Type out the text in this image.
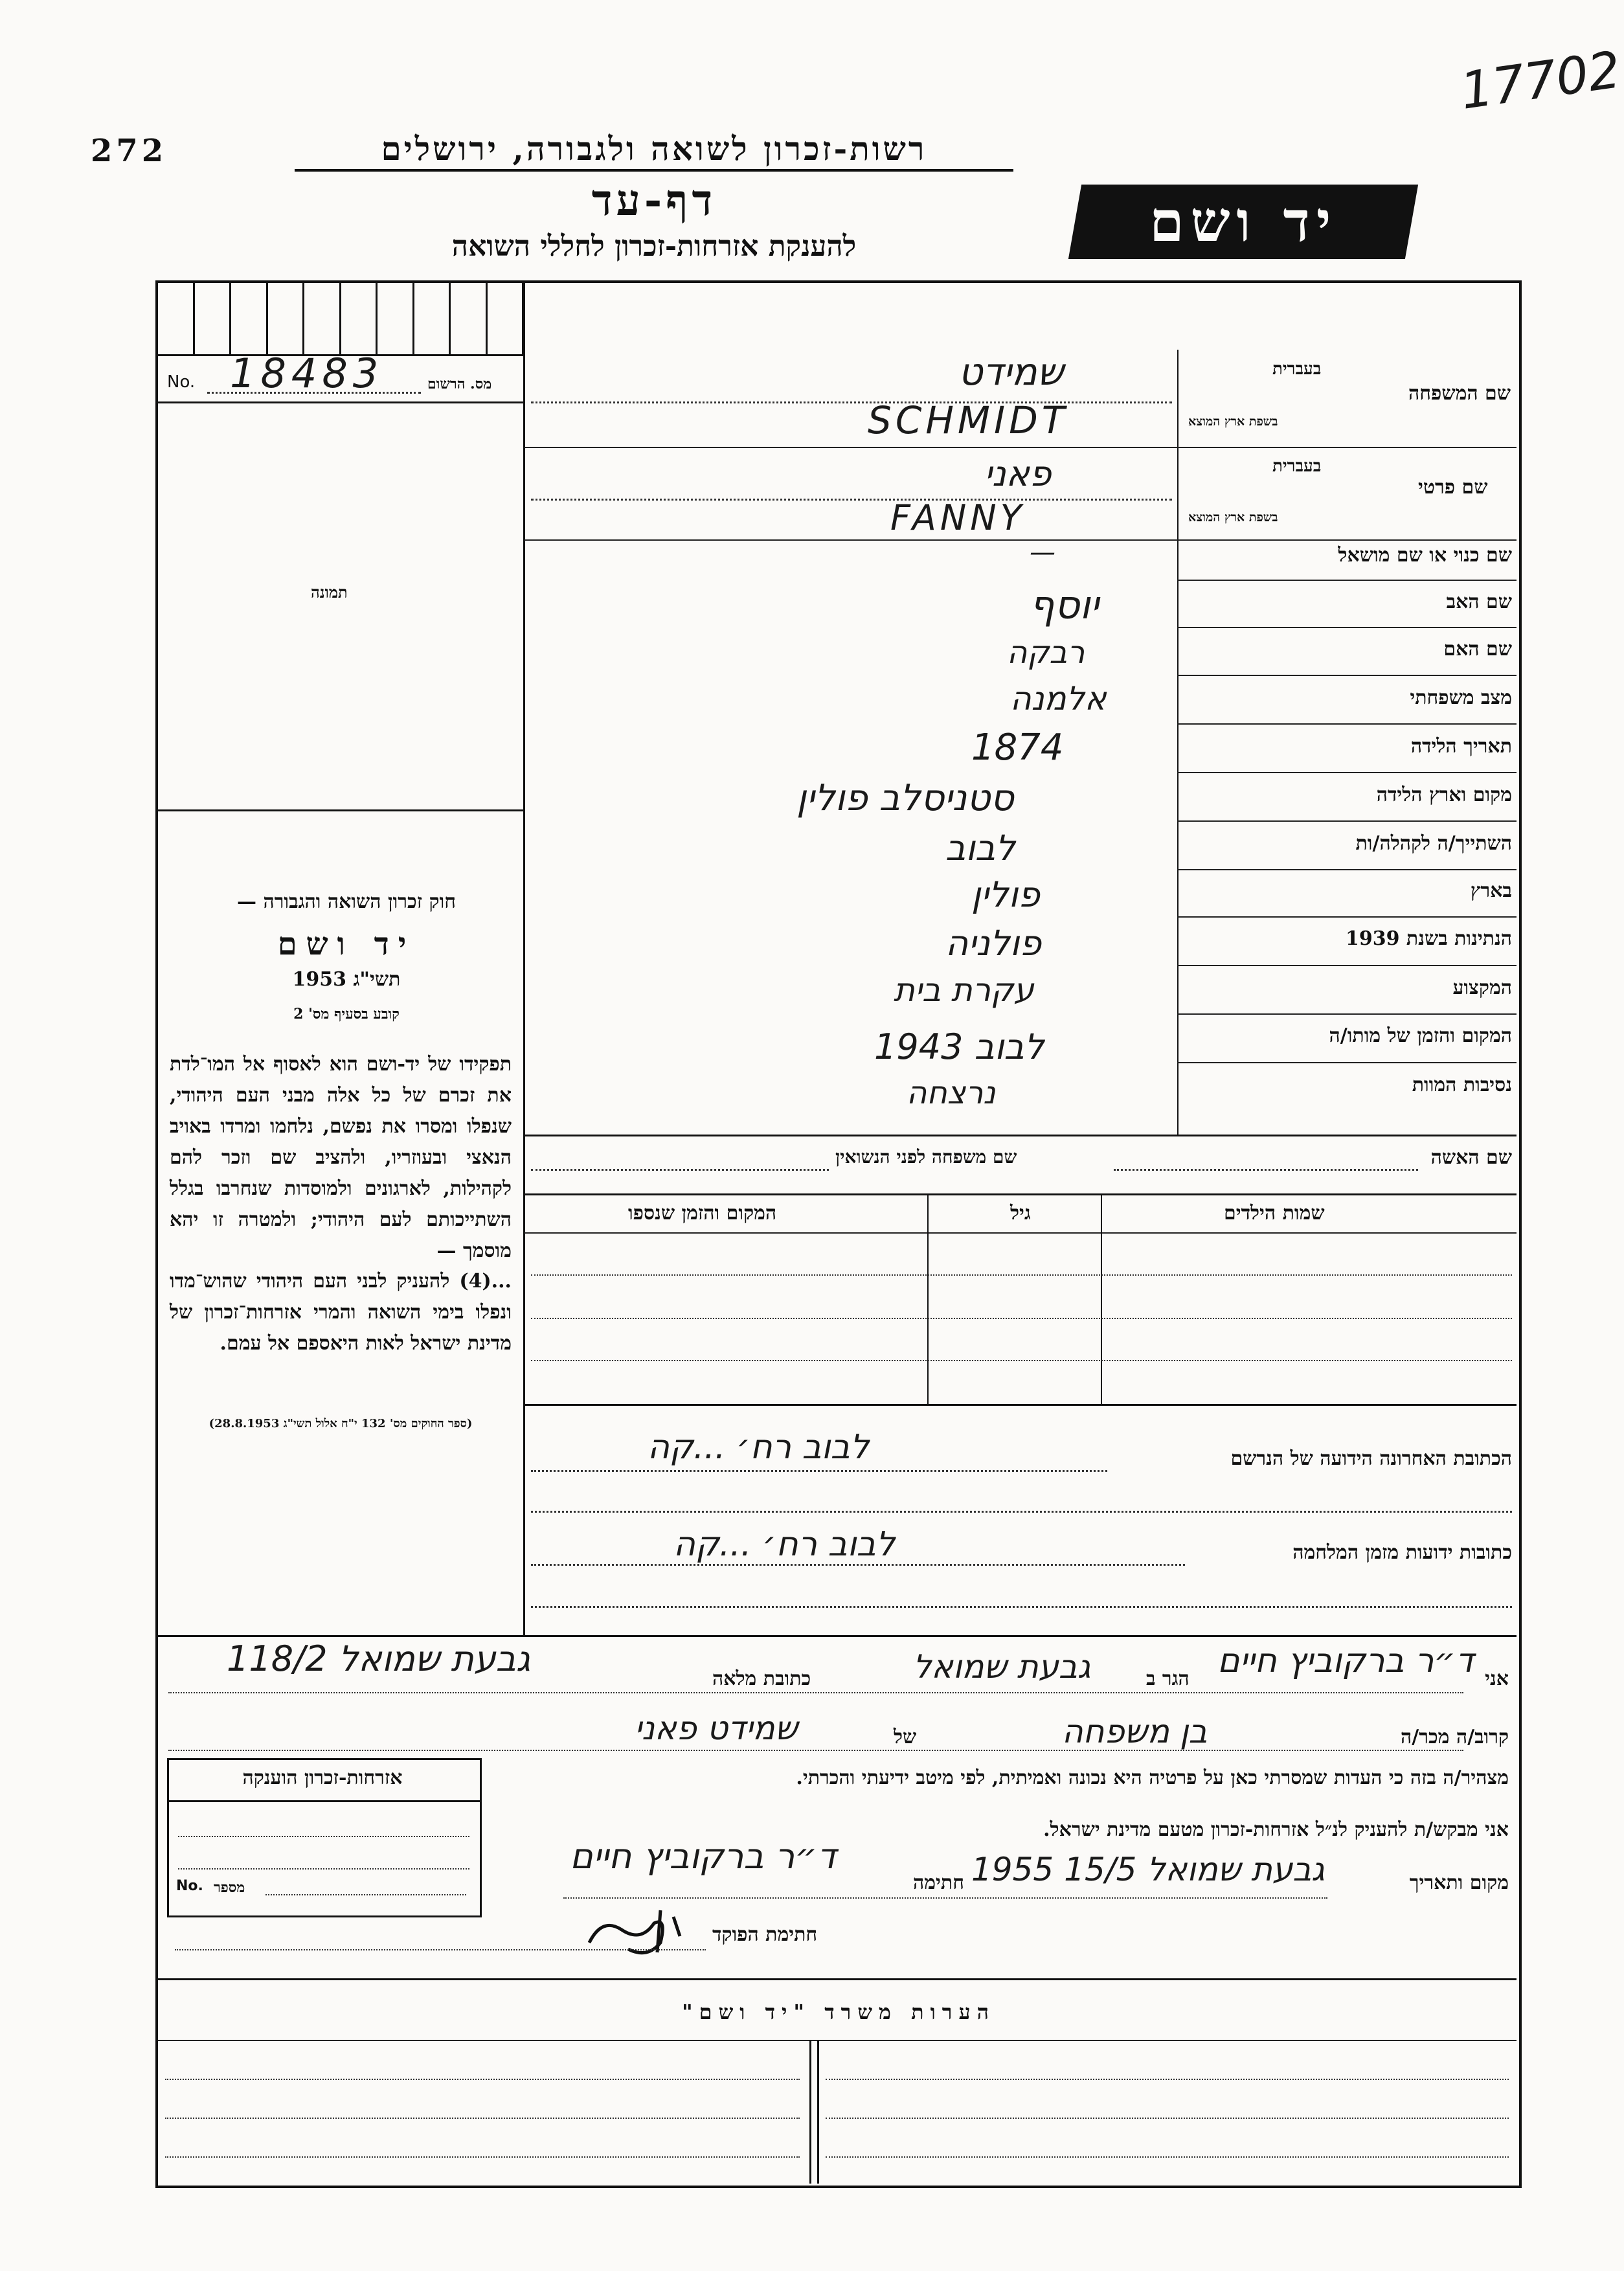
17702
272	רשות-זכרון לשואה ולגבורה, ירושלים
דף-עד
להענקת אזרחות-זכרון לחללי השואה	יד ושם
No. 18483	מס. הרשום
תמונה
חוק זכרון השואה והגבורה —
יד ושם
תשי"ג 1953
קובע בסעיף מס' 2
תפקידו של יד-ושם הוא לאסוף אל המו־לדת את זכרם של כל אלה מבני העם היהודי, שנפלו ומסרו את נפשם, נלחמו ומרדו באויב הנאצי ובעוזריו, ולהציב שם וזכר להם לקהילות, לארגונים ולמוסדות שנחרבו בגלל השתייכותם לעם היהודי; ולמטרה זו יהא מוסמך —
...(4) להעניק לבני העם היהודי שהוש־מדו ונפלו בימי השואה והמרי אזרחות־זכרון של מדינת ישראל לאות היאספם אל עמם.
(ספר החוקים מס' 132 י"ח אלול תשי"ג 28.8.1953)
שם המשפחה
בעברית
בשפת ארץ המוצא
שמידט
SCHMIDT
שם פרטי
בעברית
בשפת ארץ המוצא
פאני
FANNY
שם כנוי או שם מושאל
—
שם האב
יוסף
שם האם
רבקה
מצב משפחתי
אלמנה
תאריך הלידה
1874
מקום וארץ הלידה
סטניסלב פולין
השתייך/ה לקהלה/ות
לבוב
בארץ
פולין
הנתינות בשנת 1939
פולניה
המקצוע
עקרת בית
המקום והזמן של מותו/ה
1943 לבוב
נסיבות המוות
נרצחה
שם האשה
שם משפחה לפני הנשואין
שמות הילדים
גיל
המקום והזמן שנספו
הכתובת האחרונה הידועה של הנרשם
לבוב רח׳ ...קה
כתובות ידועות מזמן המלחמה
לבוב רח׳ ...קה
אני
ד״ר ברקוביץ חיים
הגר ב
גבעת שמואל
כתובת מלאה
גבעת שמואל 118/2
קרוב/ה מכר/ה
בן משפחה
של
שמידט פאני
מצהיר/ה בזה כי העדות שמסרתי כאן על פרטיה היא נכונה ואמיתית, לפי מיטב ידיעתי והכרתי.
אני מבקש/ת להעניק לנ״ל אזרחות-זכרון מטעם מדינת ישראל.
מקום ותאריך
גבעת שמואל 15/5 1955
חתימה
ד״ר ברקוביץ חיים
חתימת הפוקד
אזרחות-זכרון הוענקה
No. מספר
הערות משרד "יד ושם"
